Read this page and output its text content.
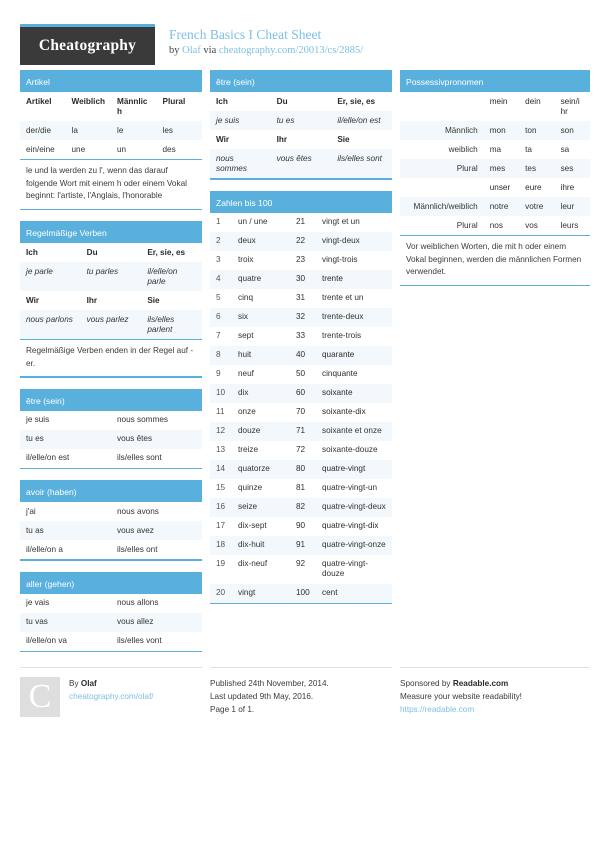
Cheatography
French Basics I Cheat Sheet
by Olaf via cheatography.com/20013/cs/2885/
Artikel
Artikel	Weiblich	Männlich	Plural
der/die	la	le	les
ein/eine	une	un	des
le und la werden zu l', wenn das darauf folgende Wort mit einem h oder einem Vokal beginnt: l'artiste, l'Anglais, l'honorable
Regelmäßige Verben
Ich	Du	Er, sie, es
je parle	tu parles	il/elle/on parle
Wir	Ihr	Sie
nous parlons	vous parlez	ils/elles parlent
Regelmäßige Verben enden in der Regel auf -er.
être (sein)
je suis	nous sommes
tu es	vous êtes
il/elle/on est	ils/elles sont
avoir (haben)
j'ai	nous avons
tu as	vous avez
il/elle/on a	ils/elles ont
aller (gehen)
je vais	nous allons
tu vas	vous allez
il/elle/on va	ils/elles vont
être (sein)
Ich	Du	Er, sie, es
je suis	tu es	il/elle/on est
Wir	Ihr	Sie
nous sommes	vous êtes	ils/elles sont
Zahlen bis 100
1	un / une	21	vingt et un
2	deux	22	vingt-deux
3	troix	23	vingt-trois
4	quatre	30	trente
5	cinq	31	trente et un
6	six	32	trente-deux
7	sept	33	trente-trois
8	huit	40	quarante
9	neuf	50	cinquante
10	dix	60	soixante
11	onze	70	soixante-dix
12	douze	71	soixante et onze
13	treize	72	soixante-douze
14	quatorze	80	quatre-vingt
15	quinze	81	quatre-vingt-un
16	seize	82	quatre-vingt-deux
17	dix-sept	90	quatre-vingt-dix
18	dix-huit	91	quatre-vingt-onze
19	dix-neuf	92	quatre-vingt-douze
20	vingt	100	cent
Possessivpronomen
	mein	dein	sein/ihr
Männlich	mon	ton	son
weiblich	ma	ta	sa
Plural	mes	tes	ses
	unser	eure	ihre
Männlich/weiblich	notre	votre	leur
Plural	nos	vos	leurs
Vor weiblichen Worten, die mit h oder einem Vokal beginnen, werden die männlichen Formen verwendet.
C	By Olaf
cheatography.com/olaf/
Published 24th November, 2014.
Last updated 9th May, 2016.
Page 1 of 1.
Sponsored by Readable.com
Measure your website readability!
https://readable.com
